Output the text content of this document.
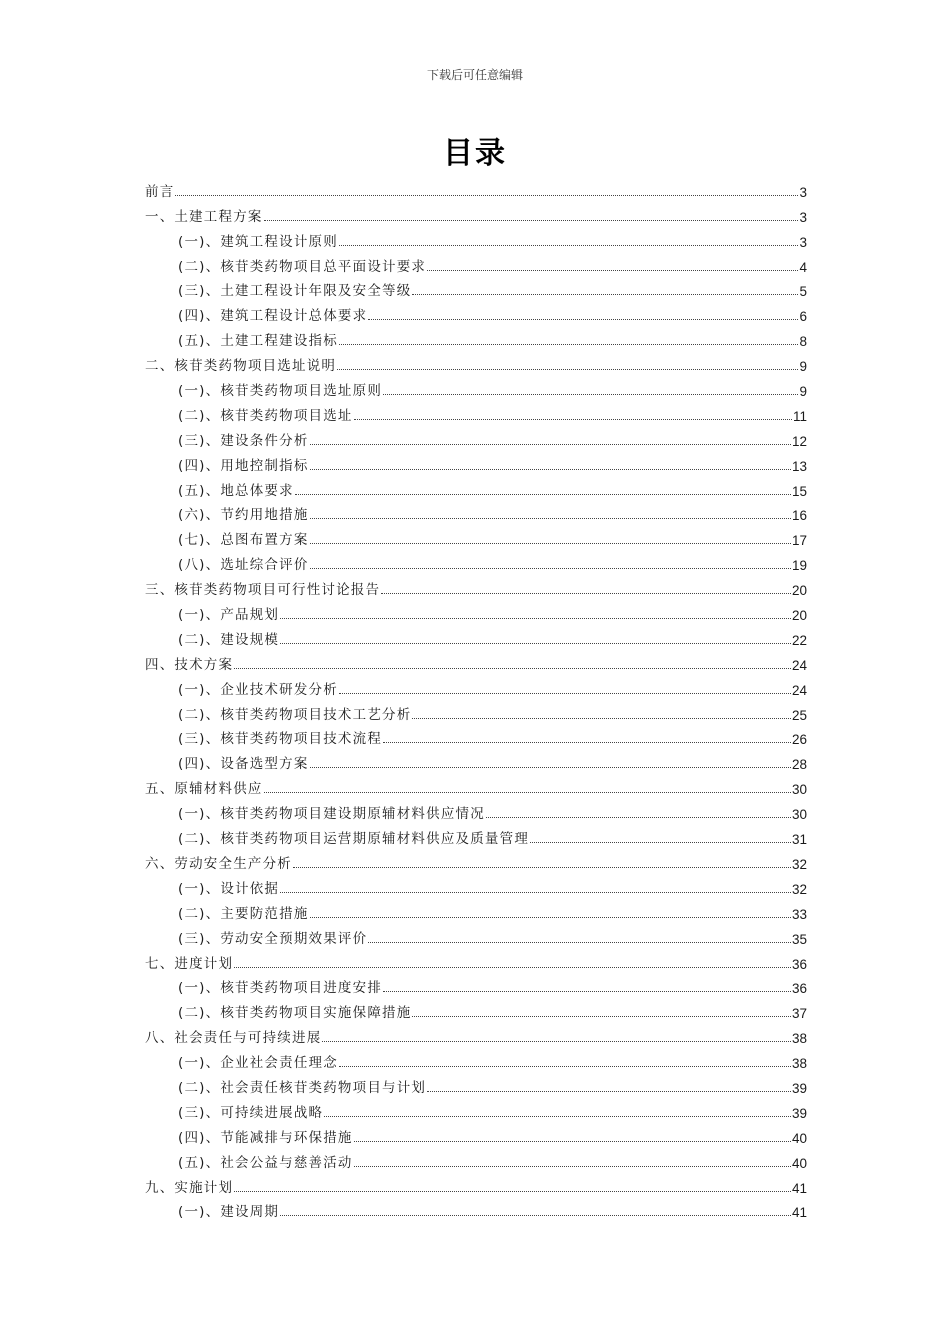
下载后可任意编辑
目录
前言	3
一、土建工程方案	3
(一)、建筑工程设计原则	3
(二)、核苷类药物项目总平面设计要求	4
(三)、土建工程设计年限及安全等级	5
(四)、建筑工程设计总体要求	6
(五)、土建工程建设指标	8
二、核苷类药物项目选址说明	9
(一)、核苷类药物项目选址原则	9
(二)、核苷类药物项目选址	11
(三)、建设条件分析	12
(四)、用地控制指标	13
(五)、地总体要求	15
(六)、节约用地措施	16
(七)、总图布置方案	17
(八)、选址综合评价	19
三、核苷类药物项目可行性讨论报告	20
(一)、产品规划	20
(二)、建设规模	22
四、技术方案	24
(一)、企业技术研发分析	24
(二)、核苷类药物项目技术工艺分析	25
(三)、核苷类药物项目技术流程	26
(四)、设备选型方案	28
五、原辅材料供应	30
(一)、核苷类药物项目建设期原辅材料供应情况	30
(二)、核苷类药物项目运营期原辅材料供应及质量管理	31
六、劳动安全生产分析	32
(一)、设计依据	32
(二)、主要防范措施	33
(三)、劳动安全预期效果评价	35
七、进度计划	36
(一)、核苷类药物项目进度安排	36
(二)、核苷类药物项目实施保障措施	37
八、社会责任与可持续进展	38
(一)、企业社会责任理念	38
(二)、社会责任核苷类药物项目与计划	39
(三)、可持续进展战略	39
(四)、节能减排与环保措施	40
(五)、社会公益与慈善活动	40
九、实施计划	41
(一)、建设周期	41
